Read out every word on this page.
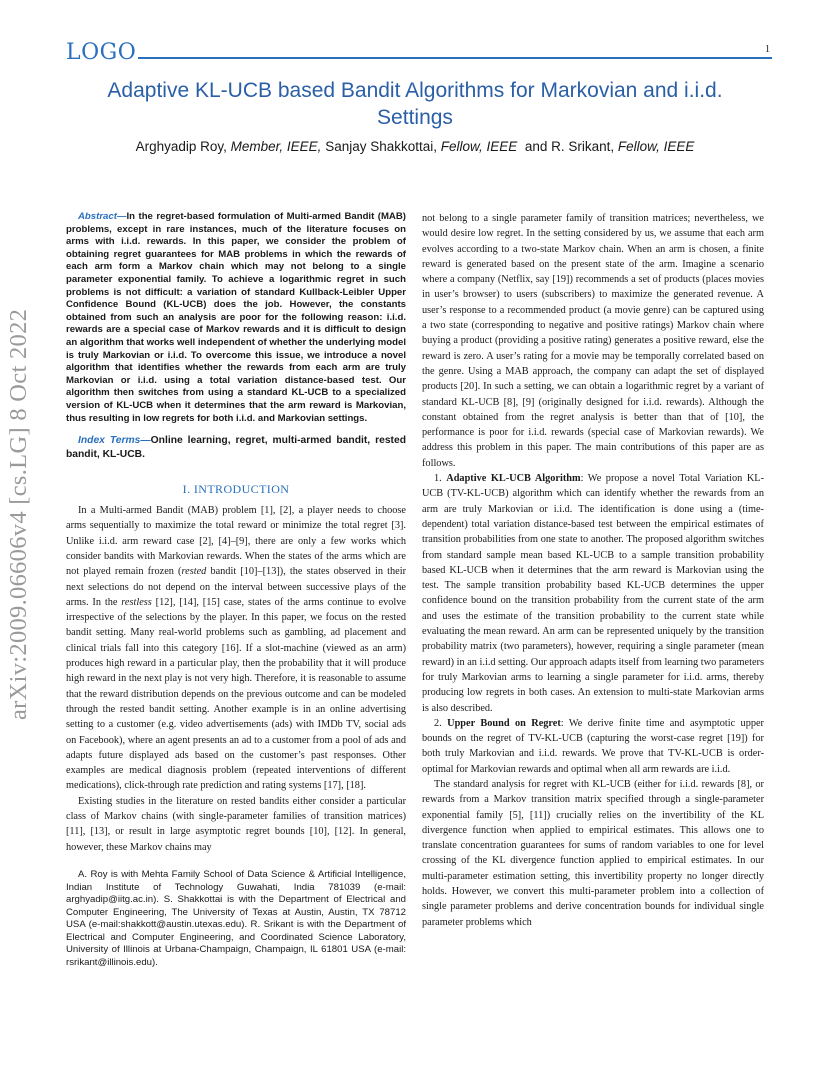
LOGO	1
Adaptive KL-UCB based Bandit Algorithms for Markovian and i.i.d. Settings
Arghyadip Roy, Member, IEEE, Sanjay Shakkottai, Fellow, IEEE and R. Srikant, Fellow, IEEE
arXiv:2009.06606v4 [cs.LG] 8 Oct 2022

Abstract—In the regret-based formulation of Multi-armed Bandit (MAB) problems, except in rare instances, much of the literature focuses on arms with i.i.d. rewards. In this paper, we consider the problem of obtaining regret guarantees for MAB problems in which the rewards of each arm form a Markov chain which may not belong to a single parameter exponential family. To achieve a logarithmic regret in such problems is not difficult: a variation of standard Kullback-Leibler Upper Confidence Bound (KL-UCB) does the job. However, the constants obtained from such an analysis are poor for the following reason: i.i.d. rewards are a special case of Markov rewards and it is difficult to design an algorithm that works well independent of whether the underlying model is truly Markovian or i.i.d. To overcome this issue, we introduce a novel algorithm that identifies whether the rewards from each arm are truly Markovian or i.i.d. using a total variation distance-based test. Our algorithm then switches from using a standard KL-UCB to a specialized version of KL-UCB when it determines that the arm reward is Markovian, thus resulting in low regrets for both i.i.d. and Markovian settings.

Index Terms—Online learning, regret, multi-armed bandit, rested bandit, KL-UCB.

I. INTRODUCTION

In a Multi-armed Bandit (MAB) problem [1], [2], a player needs to choose arms sequentially to maximize the total reward or minimize the total regret [3]. Unlike i.i.d. arm reward case [2], [4]–[9], there are only a few works which consider bandits with Markovian rewards. When the states of the arms which are not played remain frozen (rested bandit [10]–[13]), the states observed in their next selections do not depend on the interval between successive plays of the arms. In the restless [12], [14], [15] case, states of the arms continue to evolve irrespective of the selections by the player. In this paper, we focus on the rested bandit setting. Many real-world problems such as gambling, ad placement and clinical trials fall into this category [16]. If a slot-machine (viewed as an arm) produces high reward in a particular play, then the probability that it will produce high reward in the next play is not very high. Therefore, it is reasonable to assume that the reward distribution depends on the previous outcome and can be modeled through the rested bandit setting. Another example is in an online advertising setting to a customer (e.g. video advertisements (ads) with IMDb TV, social ads on Facebook), where an agent presents an ad to a customer from a pool of ads and adapts future displayed ads based on the customer’s past responses. Other examples are medical diagnosis problem (repeated interventions of different medications), click-through rate prediction and rating systems [17], [18].

Existing studies in the literature on rested bandits either consider a particular class of Markov chains (with single-parameter families of transition matrices) [11], [13], or result in large asymptotic regret bounds [10], [12]. In general, however, these Markov chains may

A. Roy is with Mehta Family School of Data Science & Artificial Intelligence, Indian Institute of Technology Guwahati, India 781039 (e-mail: arghyadip@iitg.ac.in). S. Shakkottai is with the Department of Electrical and Computer Engineering, The University of Texas at Austin, Austin, TX 78712 USA (e-mail:shakkott@austin.utexas.edu). R. Srikant is with the Department of Electrical and Computer Engineering, and Coordinated Science Laboratory, University of Illinois at Urbana-Champaign, Champaign, IL 61801 USA (e-mail: rsrikant@illinois.edu).

not belong to a single parameter family of transition matrices; nevertheless, we would desire low regret. In the setting considered by us, we assume that each arm evolves according to a two-state Markov chain. When an arm is chosen, a finite reward is generated based on the present state of the arm. Imagine a scenario where a company (Netflix, say [19]) recommends a set of products (places movies in user’s browser) to users (subscribers) to maximize the generated revenue. A user’s response to a recommended product (a movie genre) can be captured using a two state (corresponding to negative and positive ratings) Markov chain where buying a product (providing a positive rating) generates a positive reward, else the reward is zero. A user’s rating for a movie may be temporally correlated based on the genre. Using a MAB approach, the company can adapt the set of displayed products [20]. In such a setting, we can obtain a logarithmic regret by a variant of standard KL-UCB [8], [9] (originally designed for i.i.d. rewards). Although the constant obtained from the regret analysis is better than that of [10], the performance is poor for i.i.d. rewards (special case of Markovian rewards). We address this problem in this paper. The main contributions of this paper are as follows.

1. Adaptive KL-UCB Algorithm: We propose a novel Total Variation KL-UCB (TV-KL-UCB) algorithm which can identify whether the rewards from an arm are truly Markovian or i.i.d. The identification is done using a (time-dependent) total variation distance-based test between the empirical estimates of transition probabilities from one state to another. The proposed algorithm switches from standard sample mean based KL-UCB to a sample transition probability based KL-UCB when it determines that the arm reward is Markovian using the test. The sample transition probability based KL-UCB determines the upper confidence bound on the transition probability from the current state of the arm and uses the estimate of the transition probability to the current state while evaluating the mean reward. An arm can be represented uniquely by the transition probability matrix (two parameters), however, requiring a single parameter (mean reward) in an i.i.d setting. Our approach adapts itself from learning two parameters for truly Markovian arms to learning a single parameter for i.i.d. arms, thereby producing low regrets in both cases. An extension to multi-state Markovian arms is also described.

2. Upper Bound on Regret: We derive finite time and asymptotic upper bounds on the regret of TV-KL-UCB (capturing the worst-case regret [19]) for both truly Markovian and i.i.d. rewards. We prove that TV-KL-UCB is order-optimal for Markovian rewards and optimal when all arm rewards are i.i.d.

The standard analysis for regret with KL-UCB (either for i.i.d. rewards [8], or rewards from a Markov transition matrix specified through a single-parameter exponential family [5], [11]) crucially relies on the invertibility of the KL divergence function when applied to empirical estimates. This allows one to translate concentration guarantees for sums of random variables to one for level crossing of the KL divergence function applied to empirical estimates. In our multi-parameter estimation setting, this invertibility property no longer directly holds. However, we convert this multi-parameter problem into a collection of single parameter problems and derive concentration bounds for individual single parameter problems which
